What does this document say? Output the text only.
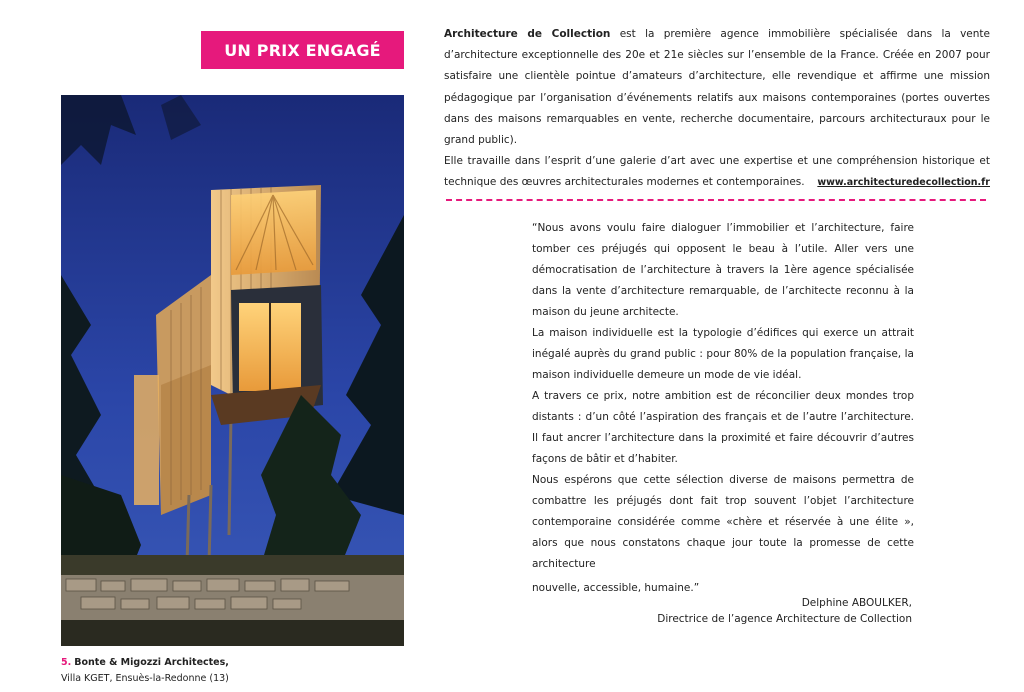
UN PRIX ENGAGÉ
5. Bonte & Migozzi Architectes,
Villa KGET, Ensuès-la-Redonne (13)

Architecture de Collection est la première agence immobilière spécialisée dans la vente d’architecture exceptionnelle des 20e et 21e siècles sur l’ensemble de la France. Créée en 2007 pour satisfaire une clientèle pointue d’amateurs d’architecture, elle revendique et affirme une mission pédagogique par l’organisation d’événements relatifs aux maisons contemporaines (portes ouvertes dans des maisons remarquables en vente, recherche documentaire, parcours architecturaux pour le grand public).

Elle travaille dans l’esprit d’une galerie d’art avec une expertise et une compréhension historique et technique des œuvres architecturales modernes et contemporaines. www.architecturedecollection.fr

“Nous avons voulu faire dialoguer l’immobilier et l’architecture, faire tomber ces préjugés qui opposent le beau à l’utile. Aller vers une démocratisation de l’architecture à travers la 1ère agence spécialisée dans la vente d’architecture remarquable, de l’architecte reconnu à la maison du jeune architecte.

La maison individuelle est la typologie d’édifices qui exerce un attrait inégalé auprès du grand public : pour 80% de la population française, la maison individuelle demeure un mode de vie idéal.

A travers ce prix, notre ambition est de réconcilier deux mondes trop distants : d’un côté l’aspiration des français et de l’autre l’architecture. Il faut ancrer l’architecture dans la proximité et faire découvrir d’autres façons de bâtir et d’habiter.

Nous espérons que cette sélection diverse de maisons permettra de combattre les préjugés dont fait trop souvent l’objet l’architecture contemporaine considérée comme «chère et réservée à une élite », alors que nous constatons chaque jour toute la promesse de cette architecture

nouvelle, accessible, humaine.”

Delphine ABOULKER,
Directrice de l’agence Architecture de Collection
